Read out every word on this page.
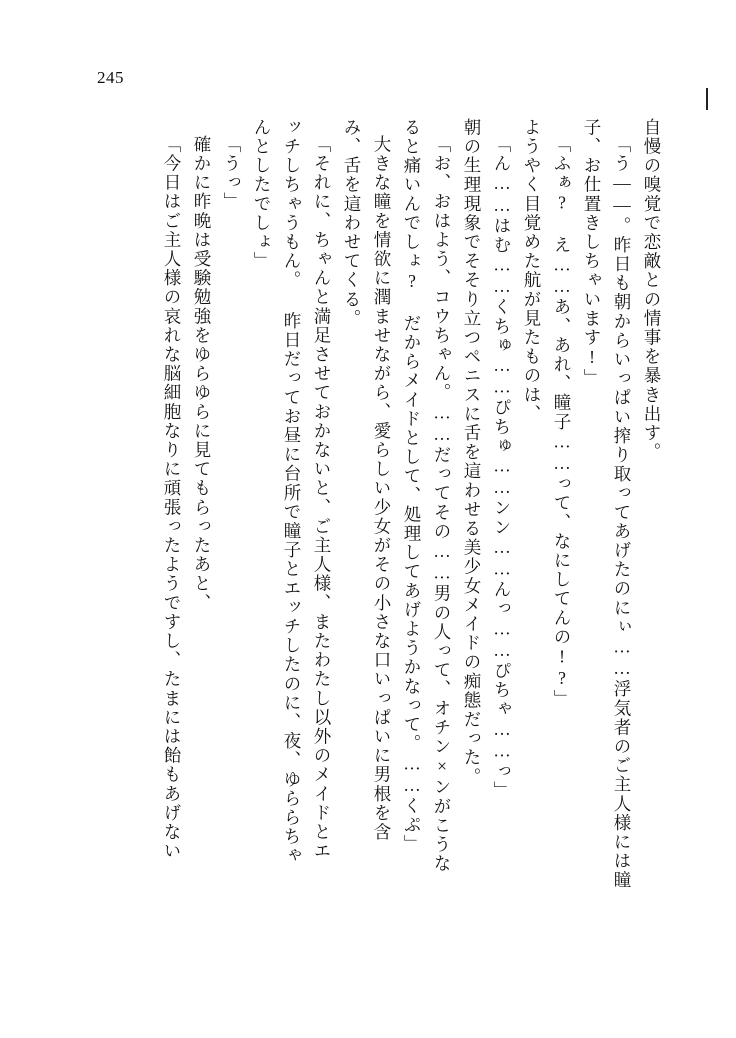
245
自慢の嗅覚で恋敵との情事を暴き出す。
「う――。昨日も朝からいっぱい搾り取ってあげたのにぃ……浮気者のご主人様には瞳
子、お仕置きしちゃいます!」
「ふぁ? え……あ、あれ、瞳子……って、なにしてんの!?」
ようやく目覚めた航が見たものは、
「ん……はむ……くちゅ……ぴちゅ……ンン……んっ……ぴちゃ……っ」
朝の生理現象でそそり立つペニスに舌を這わせる美少女メイドの痴態だった。
「お、おはよう、コウちゃん。……だってその……男の人って、オチン×ンがこうな
ると痛いんでしょ? だからメイドとして、処理してあげようかなって。……くぷ」
大きな瞳を情欲に潤ませながら、愛らしい少女がその小さな口いっぱいに男根を含
み、舌を這わせてくる。
「それに、ちゃんと満足させておかないと、ご主人様、またわたし以外のメイドとエ
ッチしちゃうもん。 昨日だってお昼に台所で瞳子とエッチしたのに、夜、ゆららちゃ
んとしたでしょ」
「うっ」
確かに昨晩は受験勉強をゆらゆらに見てもらったあと、
「今日はご主人様の哀れな脳細胞なりに頑張ったようですし、たまには飴もあげない
